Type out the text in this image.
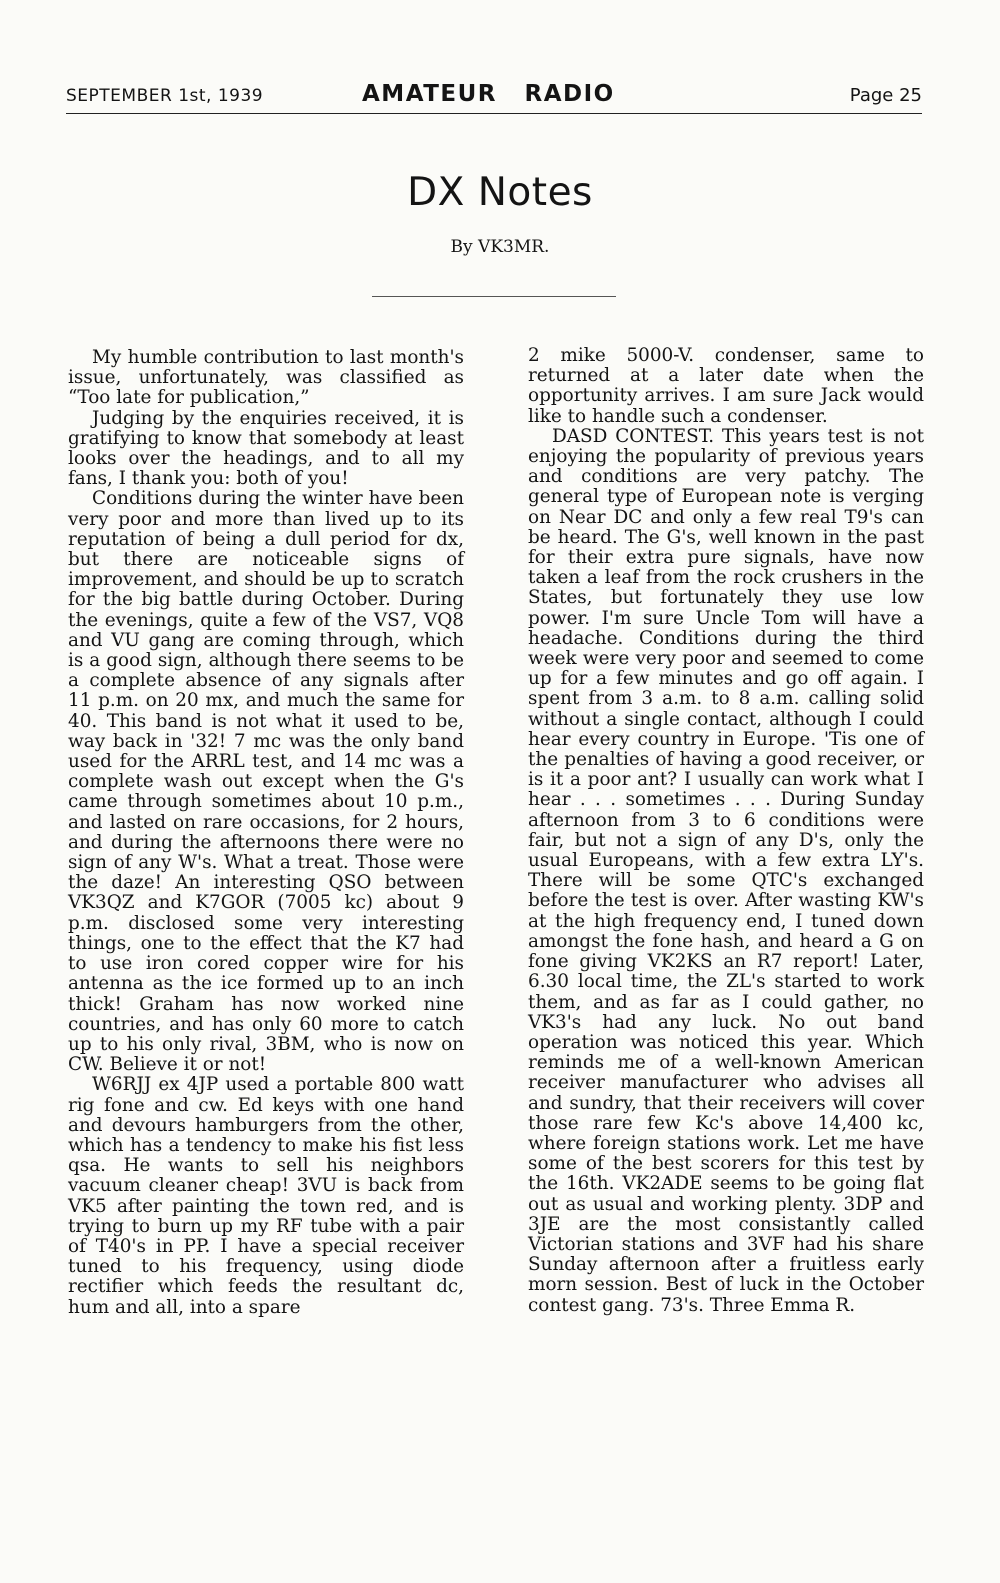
SEPTEMBER 1st, 1939	AMATEUR RADIO	Page 25
DX Notes
By VK3MR.

My humble contribution to last month's issue, unfortunately, was classified as “Too late for publication,”

Judging by the enquiries received, it is gratifying to know that somebody at least looks over the headings, and to all my fans, I thank you: both of you!

Conditions during the winter have been very poor and more than lived up to its reputation of being a dull period for dx, but there are noticeable signs of improvement, and should be up to scratch for the big battle during October. During the evenings, quite a few of the VS7, VQ8 and VU gang are coming through, which is a good sign, although there seems to be a complete absence of any signals after 11 p.m. on 20 mx, and much the same for 40. This band is not what it used to be, way back in '32! 7 mc was the only band used for the ARRL test, and 14 mc was a complete wash out except when the G's came through sometimes about 10 p.m., and lasted on rare occasions, for 2 hours, and during the afternoons there were no sign of any W's. What a treat. Those were the daze! An interesting QSO between VK3QZ and K7GOR (7005 kc) about 9 p.m. disclosed some very interesting things, one to the effect that the K7 had to use iron cored copper wire for his antenna as the ice formed up to an inch thick! Graham has now worked nine countries, and has only 60 more to catch up to his only rival, 3BM, who is now on CW. Believe it or not!

W6RJJ ex 4JP used a portable 800 watt rig fone and cw. Ed keys with one hand and devours hamburgers from the other, which has a tendency to make his fist less qsa. He wants to sell his neighbors vacuum cleaner cheap! 3VU is back from VK5 after painting the town red, and is trying to burn up my RF tube with a pair of T40's in PP. I have a special receiver tuned to his frequency, using diode rectifier which feeds the resultant dc, hum and all, into a spare

2 mike 5000-V. condenser, same to returned at a later date when the opportunity arrives. I am sure Jack would like to handle such a condenser.

DASD CONTEST. This years test is not enjoying the popularity of previous years and conditions are very patchy. The general type of European note is verging on Near DC and only a few real T9's can be heard. The G's, well known in the past for their extra pure signals, have now taken a leaf from the rock crushers in the States, but fortunately they use low power. I'm sure Uncle Tom will have a headache. Conditions during the third week were very poor and seemed to come up for a few minutes and go off again. I spent from 3 a.m. to 8 a.m. calling solid without a single contact, although I could hear every country in Europe. 'Tis one of the penalties of having a good receiver, or is it a poor ant? I usually can work what I hear . . . sometimes . . . During Sunday afternoon from 3 to 6 conditions were fair, but not a sign of any D's, only the usual Europeans, with a few extra LY's. There will be some QTC's exchanged before the test is over. After wasting KW's at the high frequency end, I tuned down amongst the fone hash, and heard a G on fone giving VK2KS an R7 report! Later, 6.30 local time, the ZL's started to work them, and as far as I could gather, no VK3's had any luck. No out band operation was noticed this year. Which reminds me of a well-known American receiver manufacturer who advises all and sundry, that their receivers will cover those rare few Kc's above 14,400 kc, where foreign stations work. Let me have some of the best scorers for this test by the 16th. VK2ADE seems to be going flat out as usual and working plenty. 3DP and 3JE are the most consistantly called Victorian stations and 3VF had his share Sunday afternoon after a fruitless early morn session. Best of luck in the October contest gang. 73's. Three Emma R.
